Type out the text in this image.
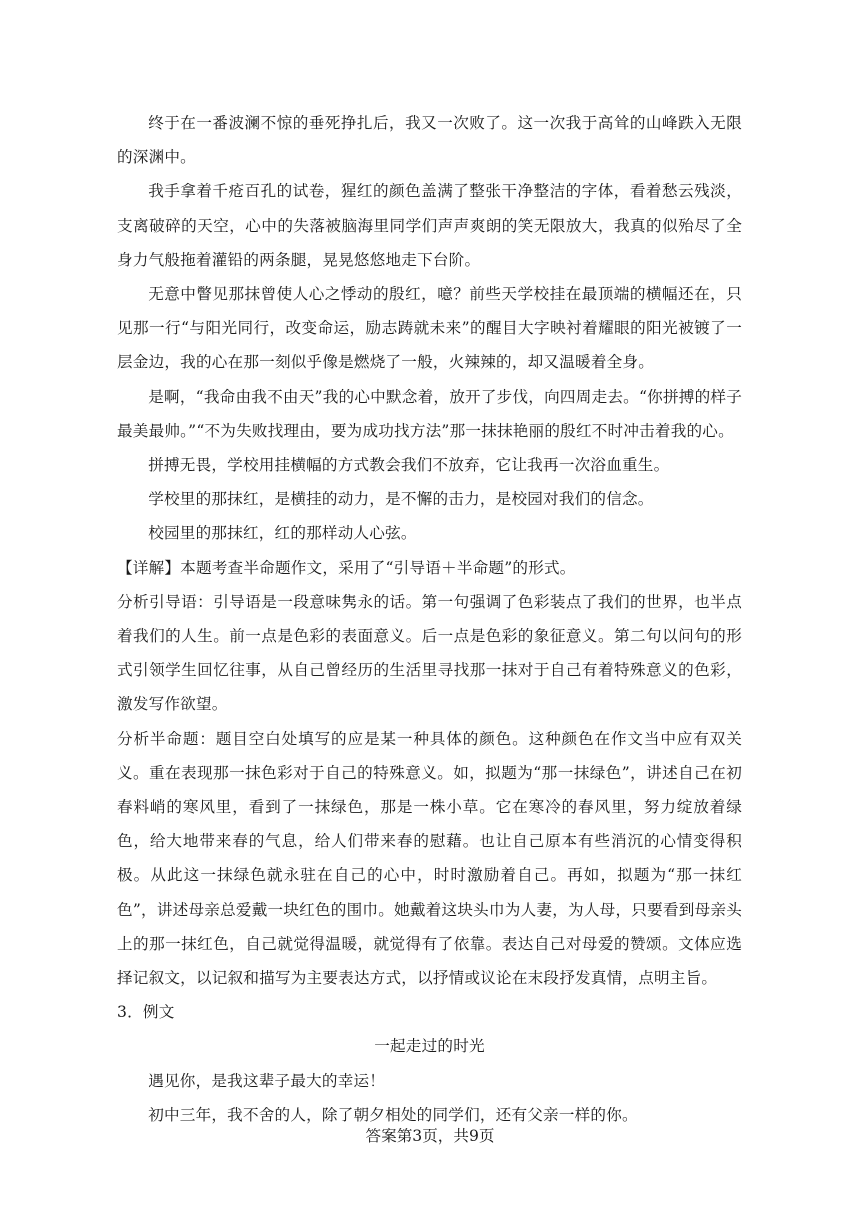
终于在一番波澜不惊的垂死挣扎后，我又一次败了。这一次我于高耸的山峰跌入无限的深渊中。

我手拿着千疮百孔的试卷，猩红的颜色盖满了整张干净整洁的字体，看着愁云残淡，支离破碎的天空，心中的失落被脑海里同学们声声爽朗的笑无限放大，我真的似殆尽了全身力气般拖着灌铅的两条腿，晃晃悠悠地走下台阶。

无意中瞥见那抹曾使人心之悸动的殷红，噫？前些天学校挂在最顶端的横幅还在，只见那一行“与阳光同行，改变命运，励志踌就未来”的醒目大字映衬着耀眼的阳光被镀了一层金边，我的心在那一刻似乎像是燃烧了一般，火辣辣的，却又温暖着全身。

是啊，“我命由我不由天”我的心中默念着，放开了步伐，向四周走去。“你拼搏的样子最美最帅。”“不为失败找理由，要为成功找方法”那一抹抹艳丽的殷红不时冲击着我的心。

拼搏无畏，学校用挂横幅的方式教会我们不放弃，它让我再一次浴血重生。

学校里的那抹红，是横挂的动力，是不懈的击力，是校园对我们的信念。

校园里的那抹红，红的那样动人心弦。

【详解】本题考查半命题作文，采用了“引导语＋半命题”的形式。

分析引导语：引导语是一段意味隽永的话。第一句强调了色彩装点了我们的世界，也半点着我们的人生。前一点是色彩的表面意义。后一点是色彩的象征意义。第二句以问句的形式引领学生回忆往事，从自己曾经历的生活里寻找那一抹对于自己有着特殊意义的色彩，激发写作欲望。

分析半命题：题目空白处填写的应是某一种具体的颜色。这种颜色在作文当中应有双关义。重在表现那一抹色彩对于自己的特殊意义。如，拟题为“那一抹绿色”，讲述自己在初春料峭的寒风里，看到了一抹绿色，那是一株小草。它在寒冷的春风里，努力绽放着绿色，给大地带来春的气息，给人们带来春的慰藉。也让自己原本有些消沉的心情变得积极。从此这一抹绿色就永驻在自己的心中，时时激励着自己。再如，拟题为“那一抹红色”，讲述母亲总爱戴一块红色的围巾。她戴着这块头巾为人妻，为人母，只要看到母亲头上的那一抹红色，自己就觉得温暖，就觉得有了依靠。表达自己对母爱的赞颂。文体应选择记叙文，以记叙和描写为主要表达方式，以抒情或议论在末段抒发真情，点明主旨。

3．例文

一起走过的时光

遇见你，是我这辈子最大的幸运！

初中三年，我不舍的人，除了朝夕相处的同学们，还有父亲一样的你。

答案第3页，共9页
